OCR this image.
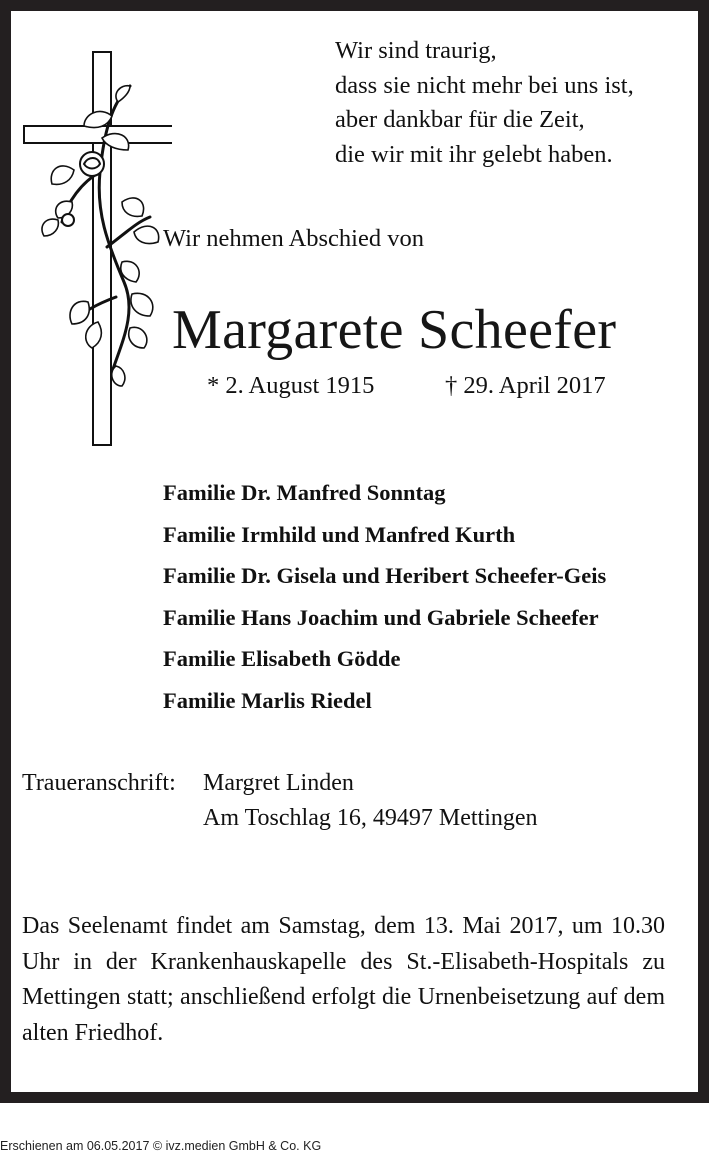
Wir sind traurig,
dass sie nicht mehr bei uns ist,
aber dankbar für die Zeit,
die wir mit ihr gelebt haben.
Wir nehmen Abschied von
Margarete Scheefer
* 2. August 1915	† 29. April 2017
Familie Dr. Manfred Sonntag
Familie Irmhild und Manfred Kurth
Familie Dr. Gisela und Heribert Scheefer-Geis
Familie Hans Joachim und Gabriele Scheefer
Familie Elisabeth Gödde
Familie Marlis Riedel
Traueranschrift: Margret Linden
Am Toschlag 16, 49497 Mettingen
Das Seelenamt findet am Samstag, dem 13. Mai 2017, um 10.30 Uhr in der Krankenhauskapelle des St.-Elisabeth-Hospitals zu Mettingen statt; anschließend erfolgt die Urnenbeisetzung auf dem alten Friedhof.
Erschienen am 06.05.2017 © ivz.medien GmbH & Co. KG
